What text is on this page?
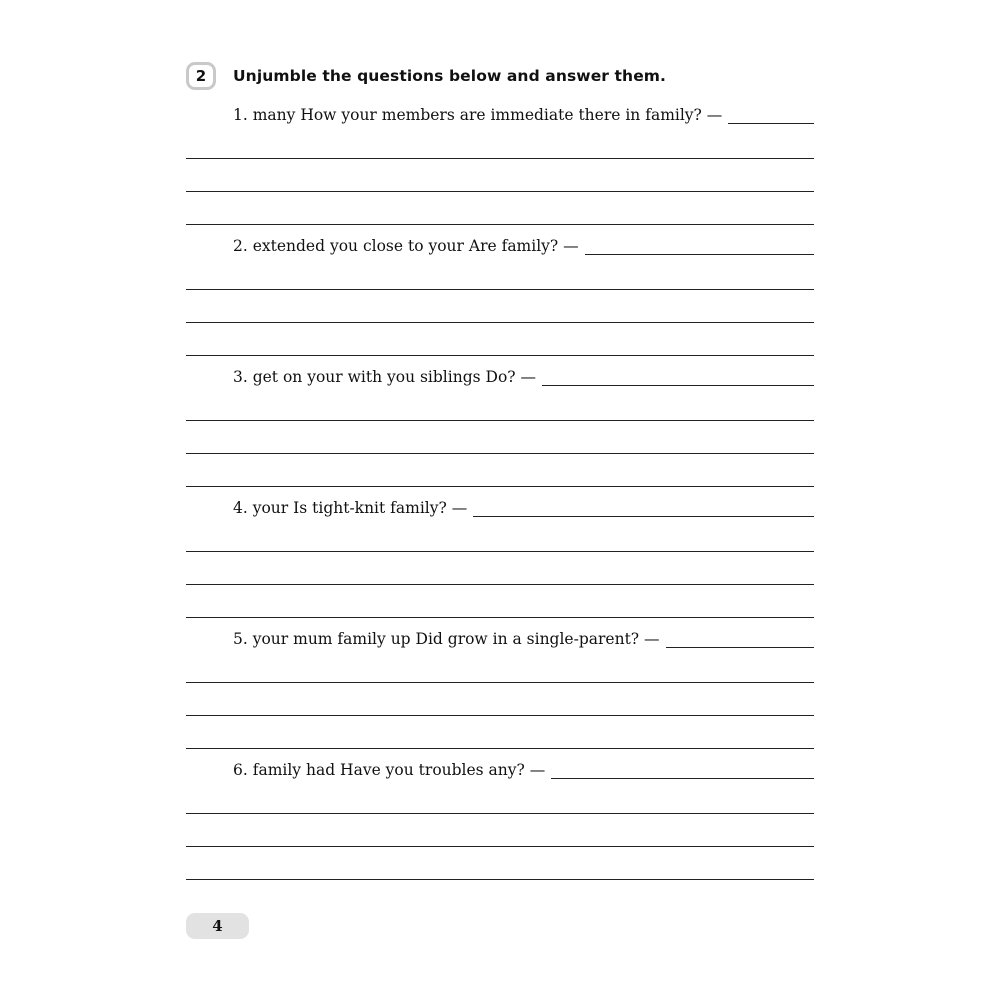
2	Unjumble the questions below and answer them.
1. many How your members are immediate there in family? —
2. extended you close to your Are family? —
3. get on your with you siblings Do? —
4. your Is tight-knit family? —
5. your mum family up Did grow in a single-parent? —
6. family had Have you troubles any? —
4
